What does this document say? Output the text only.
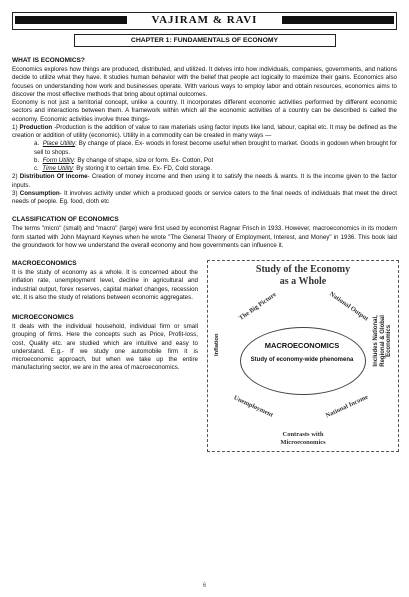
VAJIRAM & RAVI
CHAPTER 1: FUNDAMENTALS OF ECONOMY
WHAT IS ECONOMICS?

Economics explores how things are produced, distributed, and utilized. It delves into how individuals, companies, governments, and nations decide to utilize what they have. It studies human behavior with the belief that people act logically to maximize their gains. Economics also focuses on understanding how work and businesses operate. With various ways to employ labor and obtain resources, economics aims to discover the most effective methods that bring about optimal outcomes.

Economy is not just a territorial concept, unlike a country. It incorporates different economic activities performed by different economic sectors and interactions between them. A framework within which all the economic activities of a country can be described is called the economy. Economic activities involve three things-

1) Production -Production is the addition of value to raw materials using factor inputs like land, labour, capital etc. It may be defined as the creation or addition of utility (economic). Utility in a commodity can be created in many ways —
a.  Place Utility: By change of place. Ex- woods in forest become useful when brought to market. Goods in godown when brought for sell to shops.
b.  Form Utility: By change of shape, size or form. Ex- Cotton, Pot
c.  Time Utility: By storing it to certain time. Ex- FD, Cold storage.
2) Distribution Of Income- Creation of money income and then using it to satisfy the needs & wants. It is the income given to the factor inputs.
3) Consumption- It involves activity under which a produced goods or service caters to the final needs of individuals that meet the direct needs of people. Eg. food, cloth etc
CLASSIFICATION OF ECONOMICS

The terms "micro" (small) and "macro" (large) were first used by economist Ragnar Frisch in 1933. However, macroeconomics in its modern form started with John Maynard Keynes when he wrote "The General Theory of Employment, Interest, and Money" in 1936. This book laid the groundwork for how we understand the overall economy and how governments can influence it.

MACROECONOMICS

It is the study of economy as a whole. It is concerned about the inflation rate, unemployment level, decline in agricultural and industrial output, forex reserves, capital market changes, recession etc. It is also the study of relations between economic aggregates.

MICROECONOMICS

It deals with the individual household, individual firm or small grouping of firms. Here the concepts such as Price, Profit-loss, cost, Quality etc. are studied which are intuitive and easy to understand. E.g.- If we study one automobile firm it is microeconomic approach, but when we take up the entire manufacturing sector, we are in the area of macroeconomics.

Study of the Economy
as a Whole
The Big Picture	National Output
Inflation	MACROECONOMICS
Study of economy-wide phenomena	Includes National, Regional & Global Economics
Unemployment	National Income
Contrasts with
Microeconomics
6
